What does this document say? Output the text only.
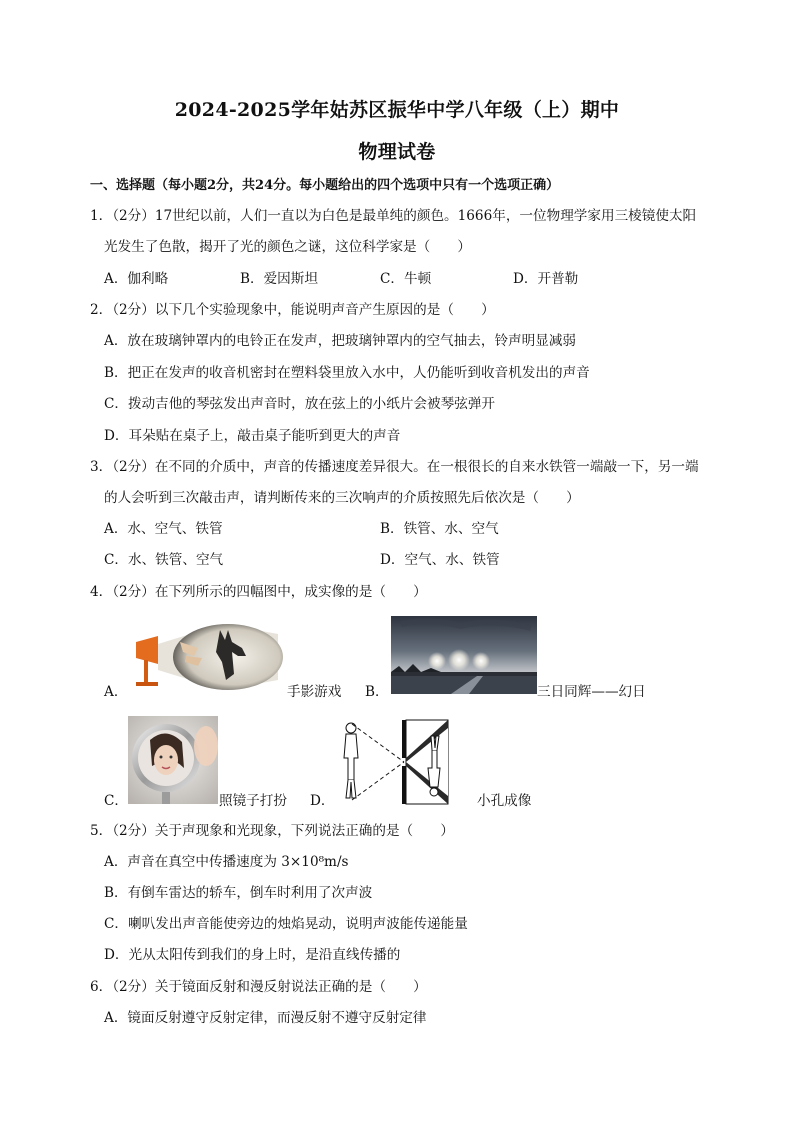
2024-2025学年姑苏区振华中学八年级（上）期中
物理试卷
一、选择题（每小题2分，共24分。每小题给出的四个选项中只有一个选项正确）
1．（2分）17世纪以前，人们一直以为白色是最单纯的颜色。1666年，一位物理学家用三棱镜使太阳
光发生了色散，揭开了光的颜色之谜，这位科学家是（　　）
A．伽利略	B．爱因斯坦	C．牛顿	D．开普勒
2．（2分）以下几个实验现象中，能说明声音产生原因的是（　　）
A．放在玻璃钟罩内的电铃正在发声，把玻璃钟罩内的空气抽去，铃声明显减弱
B．把正在发声的收音机密封在塑料袋里放入水中，人仍能听到收音机发出的声音
C．拨动吉他的琴弦发出声音时，放在弦上的小纸片会被琴弦弹开
D．耳朵贴在桌子上，敲击桌子能听到更大的声音
3．（2分）在不同的介质中，声音的传播速度差异很大。在一根很长的自来水铁管一端敲一下，另一端
的人会听到三次敲击声，请判断传来的三次响声的介质按照先后依次是（　　）
A．水、空气、铁管	B．铁管、水、空气
C．水、铁管、空气	D．空气、水、铁管
4．（2分）在下列所示的四幅图中，成实像的是（　　）
A．	手影游戏 B．	三日同辉——幻日
C．	照镜子打扮 D．	小孔成像
5．（2分）关于声现象和光现象，下列说法正确的是（　　）
A．声音在真空中传播速度为 3×10⁸m/s
B．有倒车雷达的轿车，倒车时利用了次声波
C．喇叭发出声音能使旁边的烛焰晃动，说明声波能传递能量
D．光从太阳传到我们的身上时，是沿直线传播的
6．（2分）关于镜面反射和漫反射说法正确的是（　　）
A．镜面反射遵守反射定律，而漫反射不遵守反射定律
